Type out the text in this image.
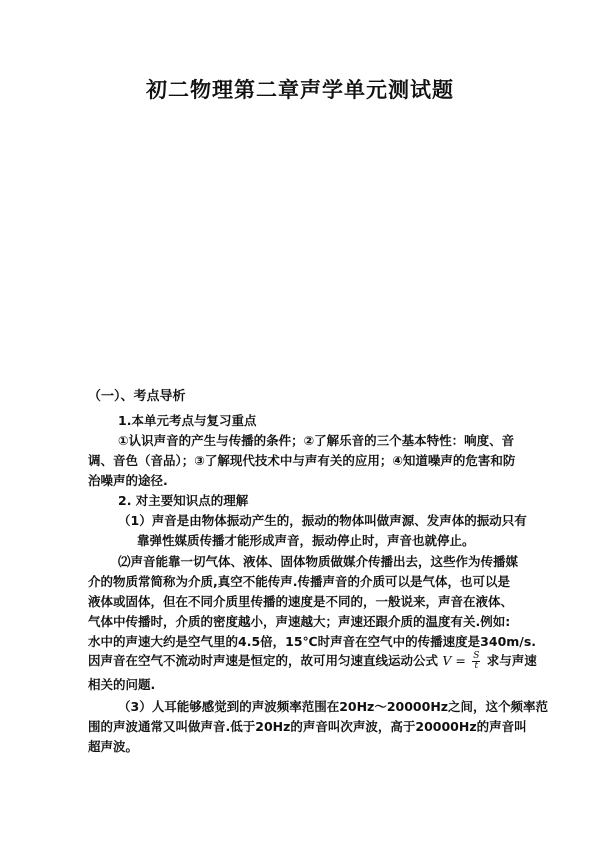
初二物理第二章声学单元测试题
（一）、考点导析
1.本单元考点与复习重点
①认识声音的产生与传播的条件；②了解乐音的三个基本特性：响度、音
调、音色（音品）；③了解现代技术中与声有关的应用；④知道噪声的危害和防
治噪声的途径.
2. 对主要知识点的理解
（1）声音是由物体振动产生的，振动的物体叫做声源、发声体的振动只有
靠弹性媒质传播才能形成声音，振动停止时，声音也就停止。
⑵声音能靠一切气体、液体、固体物质做媒介传播出去，这些作为传播媒
介的物质常简称为介质,真空不能传声.传播声音的介质可以是气体，也可以是
液体或固体，但在不同介质里传播的速度是不同的，一般说来，声音在液体、
气体中传播时，介质的密度越小，声速越大；声速还跟介质的温度有关.例如:
水中的声速大约是空气里的4.5倍，15℃时声音在空气中的传播速度是340m/s.
因声音在空气不流动时声速是恒定的，故可用匀速直线运动公式 $V = \frac{S}{t}$ 求与声速
相关的问题.
（3）人耳能够感觉到的声波频率范围在20Hz～20000Hz之间，这个频率范
围的声波通常又叫做声音.低于20Hz的声音叫次声波，高于20000Hz的声音叫
超声波。
